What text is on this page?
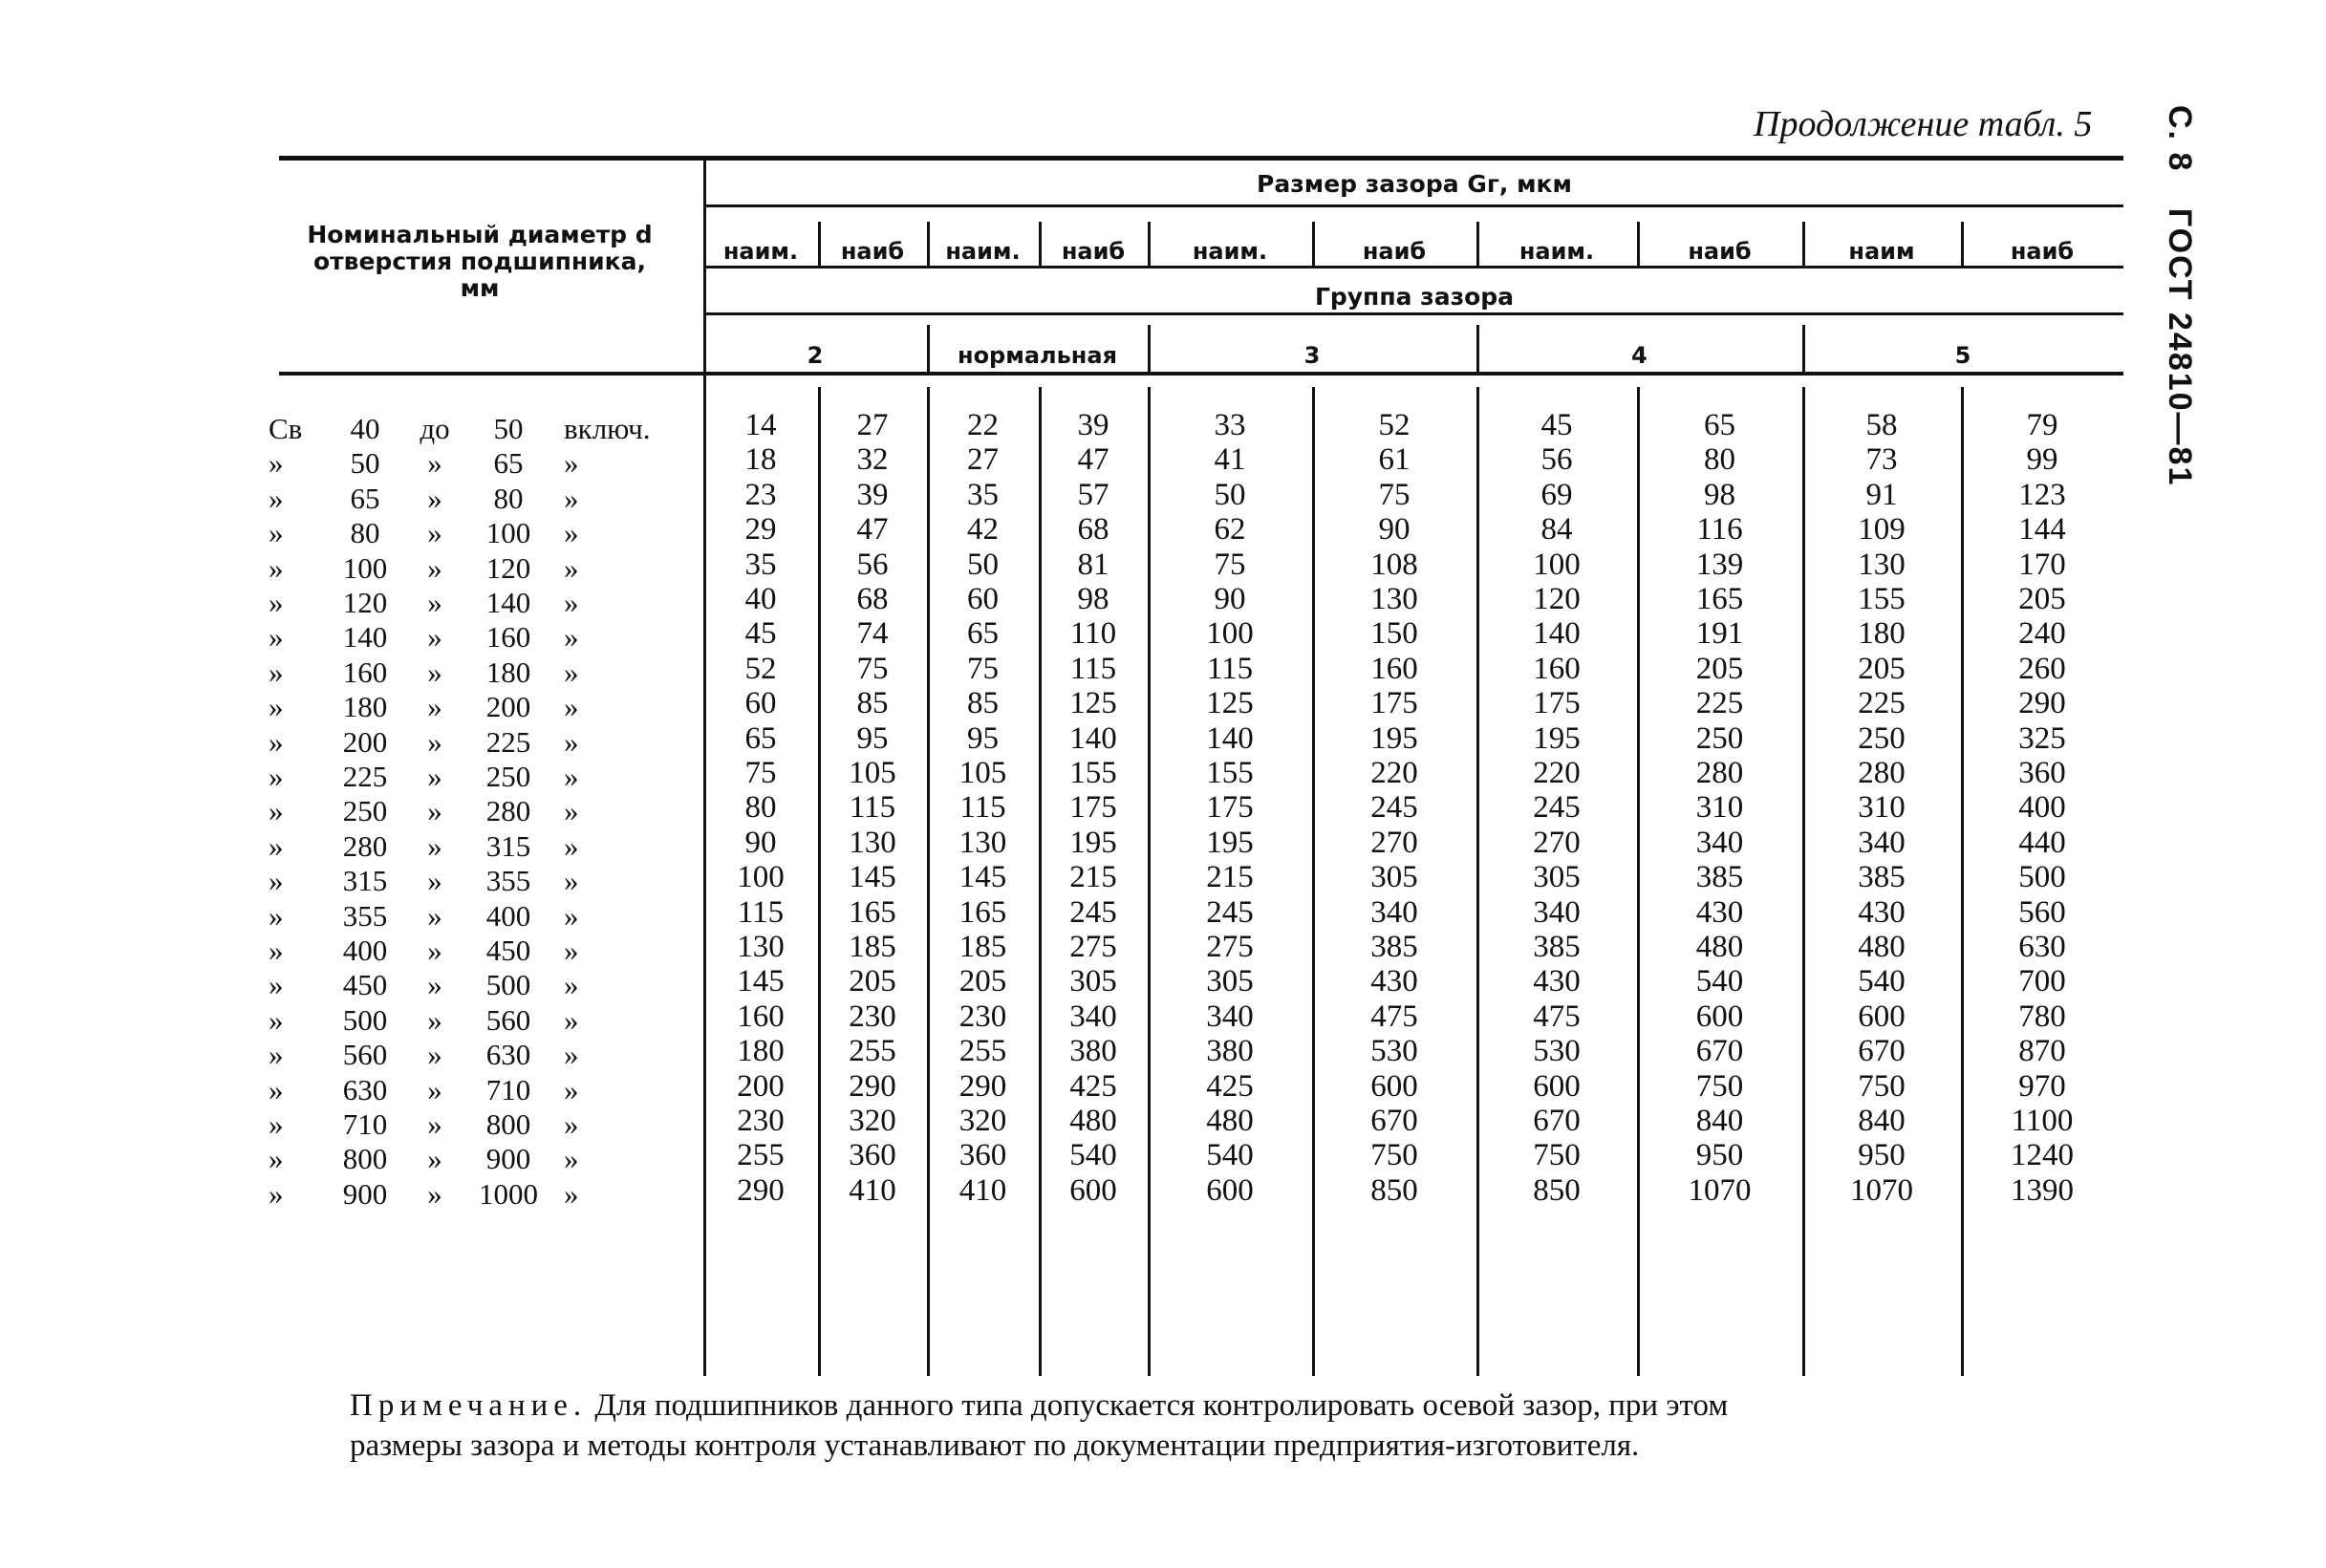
Продолжение табл. 5	С. 8 ГОСТ 24810—81
Номинальный диаметр d
отверстия подшипника,
мм
Размер зазора Gг, мкм
Группа зазора
наим.	наиб	наим.	наиб	наим.	наиб	наим.	наиб	наим	наиб
2	нормальная	3	4	5
Св	40	до	50	включ.	14	27	22	39	33	52	45	65	58	79
»	50	»	65	»	18	32	27	47	41	61	56	80	73	99
»	65	»	80	»	23	39	35	57	50	75	69	98	91	123
»	80	»	100	»	29	47	42	68	62	90	84	116	109	144
»	100	»	120	»	35	56	50	81	75	108	100	139	130	170
»	120	»	140	»	40	68	60	98	90	130	120	165	155	205
»	140	»	160	»	45	74	65	110	100	150	140	191	180	240
»	160	»	180	»	52	75	75	115	115	160	160	205	205	260
»	180	»	200	»	60	85	85	125	125	175	175	225	225	290
»	200	»	225	»	65	95	95	140	140	195	195	250	250	325
»	225	»	250	»	75	105	105	155	155	220	220	280	280	360
»	250	»	280	»	80	115	115	175	175	245	245	310	310	400
»	280	»	315	»	90	130	130	195	195	270	270	340	340	440
»	315	»	355	»	100	145	145	215	215	305	305	385	385	500
»	355	»	400	»	115	165	165	245	245	340	340	430	430	560
»	400	»	450	»	130	185	185	275	275	385	385	480	480	630
»	450	»	500	»	145	205	205	305	305	430	430	540	540	700
»	500	»	560	»	160	230	230	340	340	475	475	600	600	780
»	560	»	630	»	180	255	255	380	380	530	530	670	670	870
»	630	»	710	»	200	290	290	425	425	600	600	750	750	970
»	710	»	800	»	230	320	320	480	480	670	670	840	840	1100
»	800	»	900	»	255	360	360	540	540	750	750	950	950	1240
»	900	»	1000 »	290	410	410	600	600	850	850	1070	1070	1390
Примечание. Для подшипников данного типа допускается контролировать осевой зазор, при этом
размеры зазора и методы контроля устанавливают по документации предприятия-изготовителя.
